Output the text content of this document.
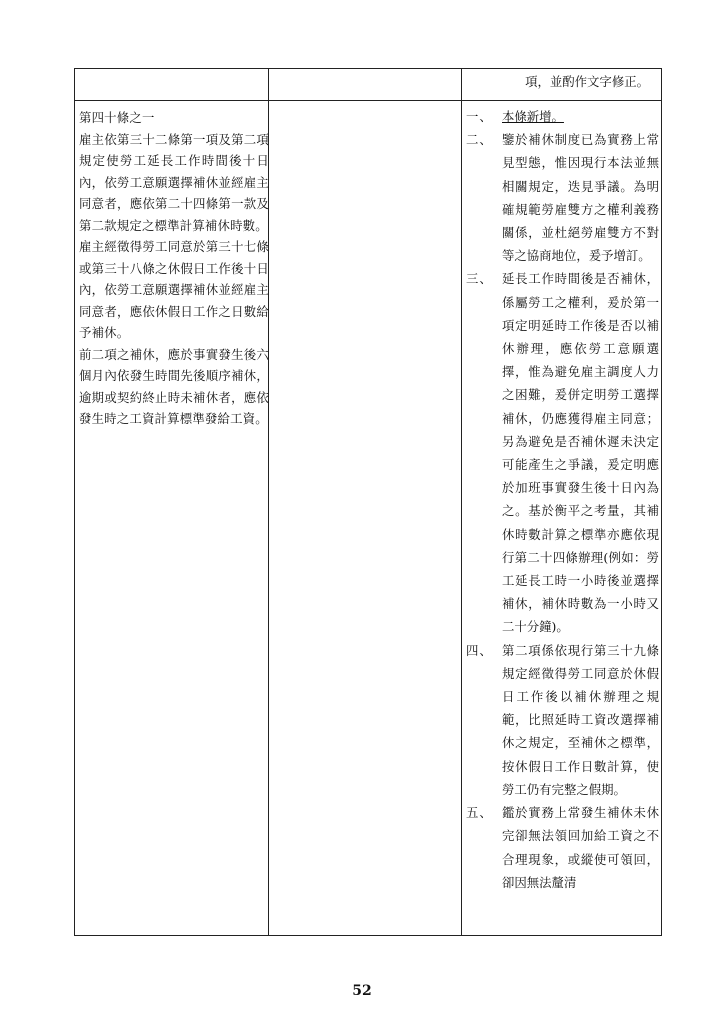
項，並酌作文字修正。

第四十條之一

雇主依第三十二條第一項及第二項規定使勞工延長工作時間後十日內，依勞工意願選擇補休並經雇主同意者，應依第二十四條第一款及第二款規定之標準計算補休時數。

雇主經徵得勞工同意於第三十七條或第三十八條之休假日工作後十日內，依勞工意願選擇補休並經雇主同意者，應依休假日工作之日數給予補休。

前二項之補休，應於事實發生後六個月內依發生時間先後順序補休，逾期或契約終止時未補休者，應依發生時之工資計算標準發給工資。

一、 本條新增。
二、 鑒於補休制度已為實務上常見型態，惟因現行本法並無相關規定，迭見爭議。為明確規範勞雇雙方之權利義務關係，並杜絕勞雇雙方不對等之協商地位，爰予增訂。
三、 延長工作時間後是否補休，係屬勞工之權利，爰於第一項定明延時工作後是否以補休辦理，應依勞工意願選擇，惟為避免雇主調度人力之困難，爰併定明勞工選擇補休，仍應獲得雇主同意；另為避免是否補休遲未決定可能產生之爭議，爰定明應於加班事實發生後十日內為之。基於衡平之考量，其補休時數計算之標準亦應依現行第二十四條辦理(例如：勞工延長工時一小時後並選擇補休，補休時數為一小時又二十分鐘)。
四、 第二項係依現行第三十九條規定經徵得勞工同意於休假日工作後以補休辦理之規範，比照延時工資改選擇補休之規定，至補休之標準，按休假日工作日數計算，使勞工仍有完整之假期。
五、 鑑於實務上常發生補休未休完卻無法領回加給工資之不合理現象，或縱使可領回，卻因無法釐清
52
